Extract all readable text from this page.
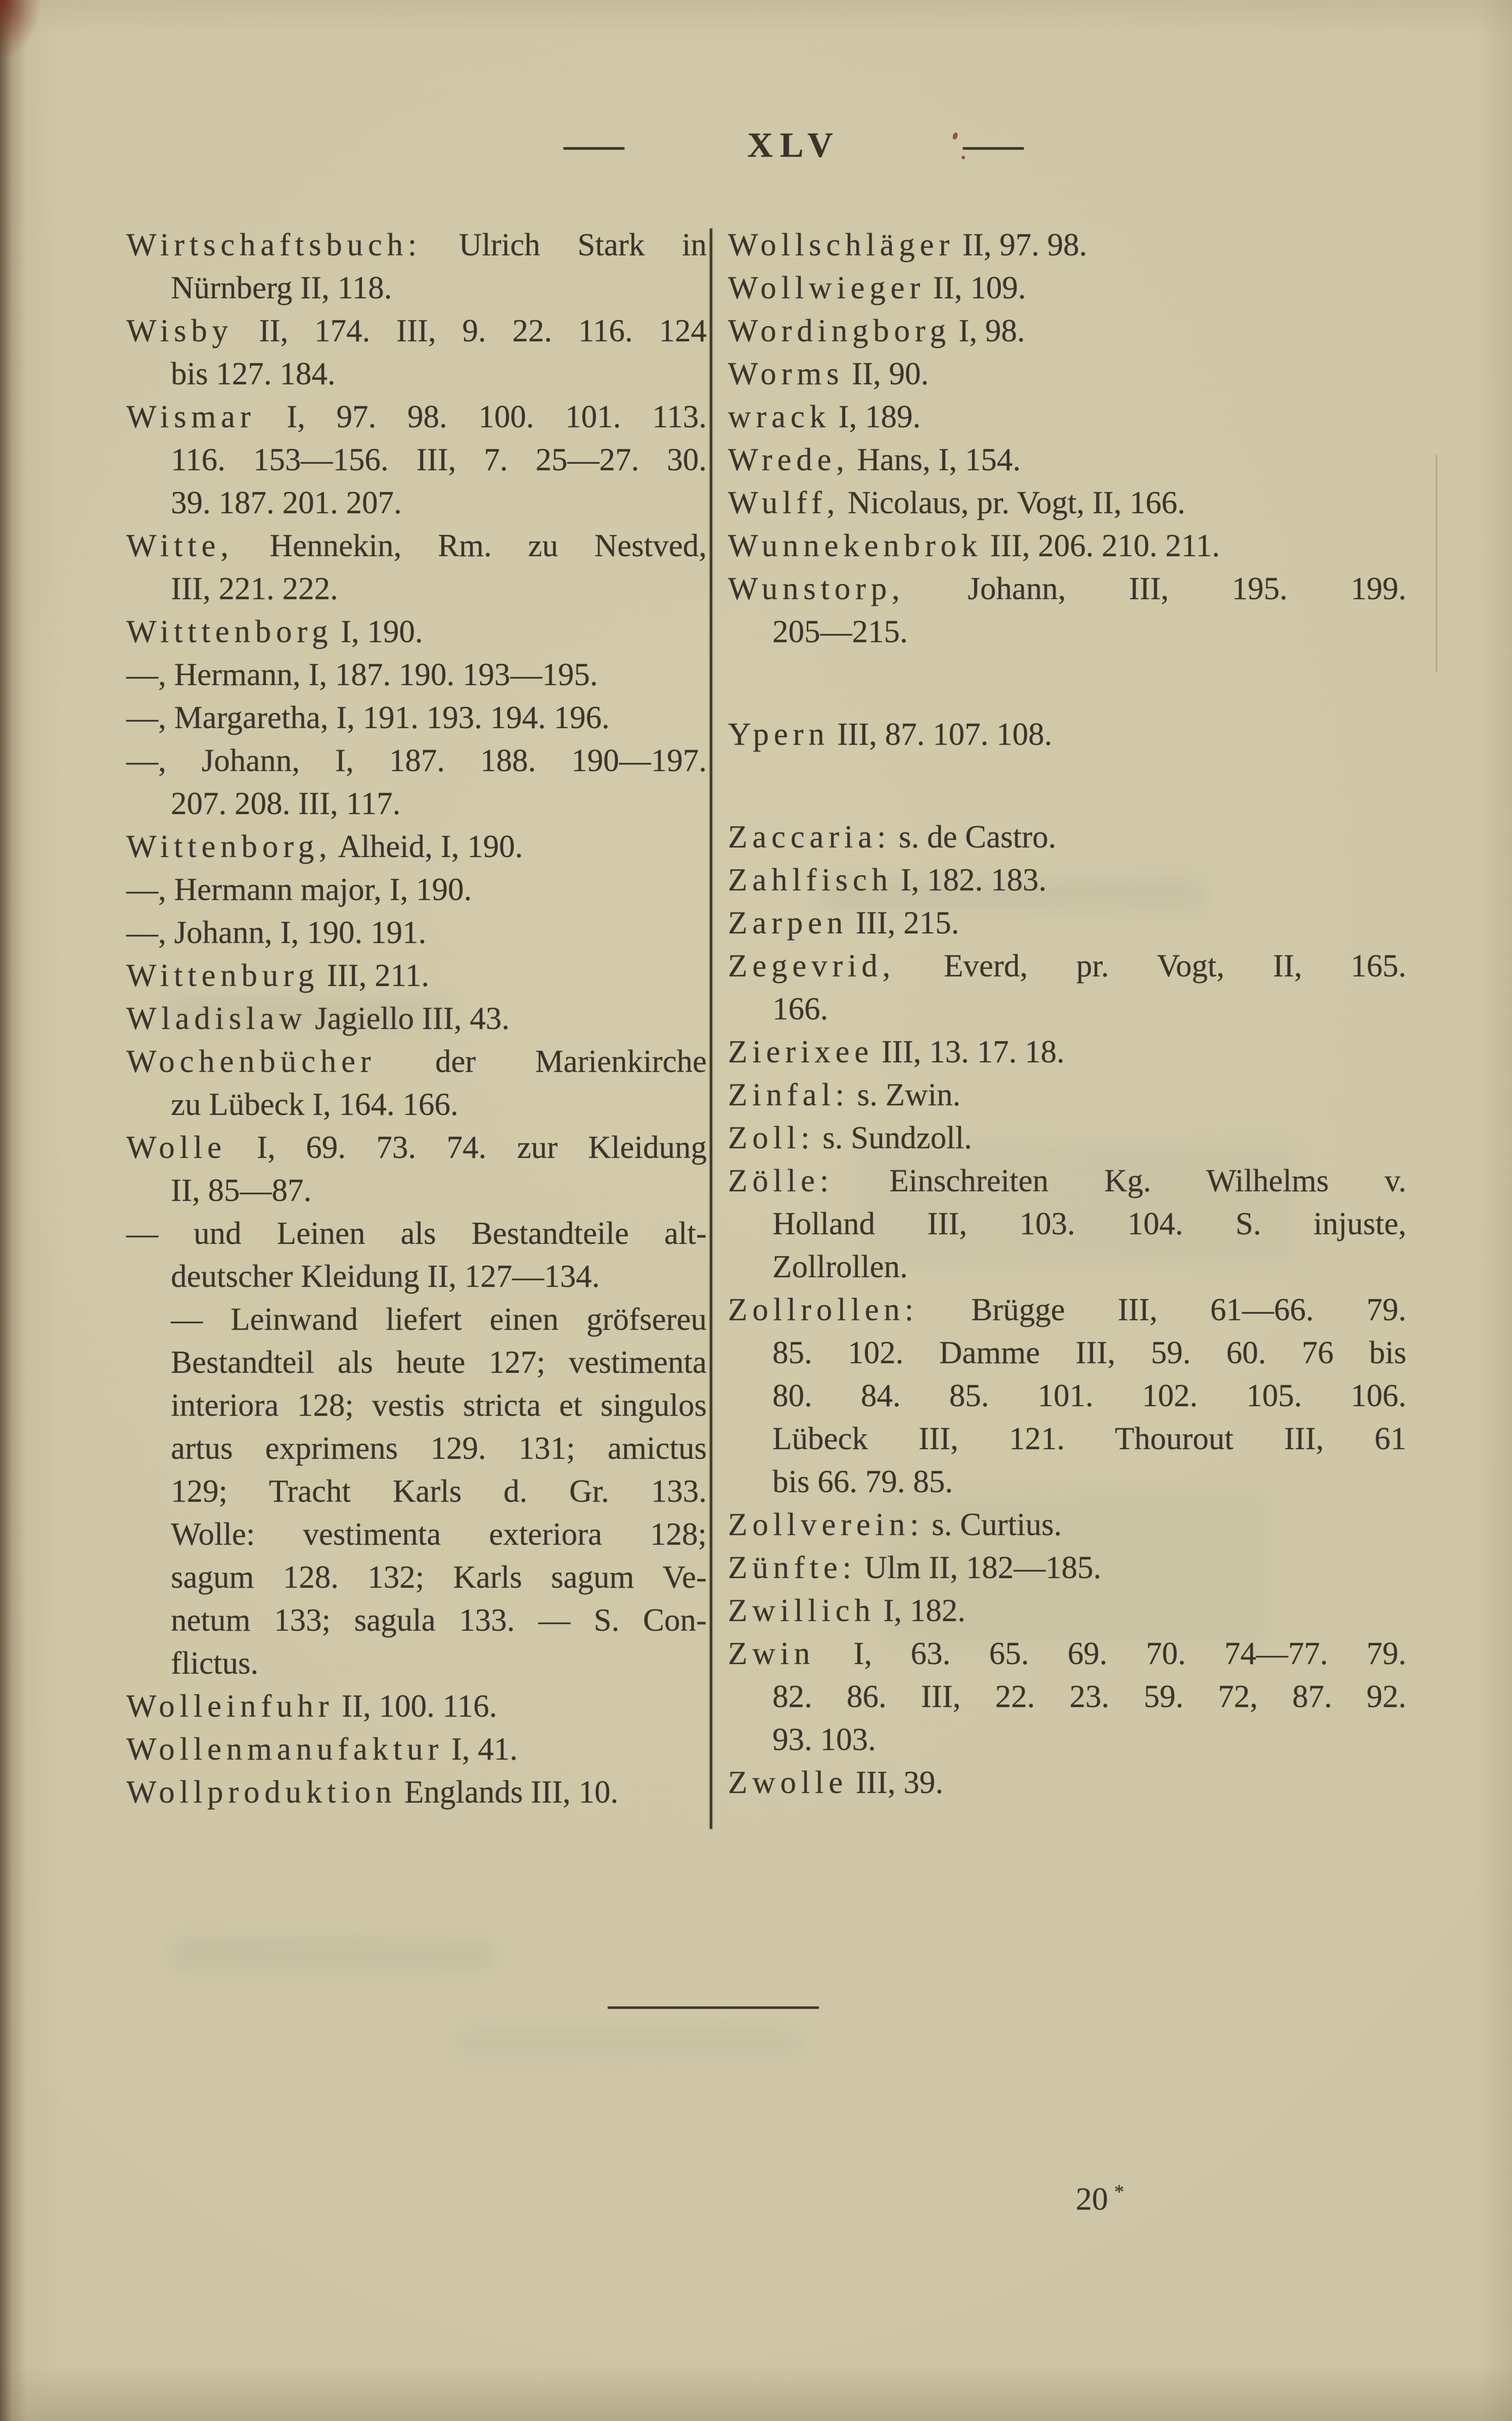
—	XLV	—

Wirtschaftsbuch: Ulrich Stark in
Nürnberg II, 118.

Wisby II, 174. III, 9. 22. 116. 124
bis 127. 184.

Wismar I, 97. 98. 100. 101. 113.
116. 153—156. III, 7. 25—27. 30.
39. 187. 201. 207.

Witte, Hennekin, Rm. zu Nestved,
III, 221. 222.

Witttenborg I, 190.

—, Hermann, I, 187. 190. 193—195.

—, Margaretha, I, 191. 193. 194. 196.

—, Johann, I, 187. 188. 190—197.
207. 208. III, 117.

Wittenborg, Alheid, I, 190.

—, Hermann major, I, 190.

—, Johann, I, 190. 191.

Wittenburg III, 211.

Wladislaw Jagiello III, 43.

Wochenbücher der Marienkirche
zu Lübeck I, 164. 166.

Wolle I, 69. 73. 74. zur Kleidung
II, 85—87.

— und Leinen als Bestandteile alt-
deutscher Kleidung II, 127—134.

— Leinwand liefert einen gröfsereu
Bestandteil als heute 127; vestimenta
interiora 128; vestis stricta et singulos
artus exprimens 129. 131; amictus
129; Tracht Karls d. Gr. 133.
Wolle: vestimenta exteriora 128;
sagum 128. 132; Karls sagum Ve-
netum 133; sagula 133. — S. Con-
flictus.

Wolleinfuhr II, 100. 116.

Wollenmanufaktur I, 41.

Wollproduktion Englands III, 10.

Wollschläger II, 97. 98.

Wollwieger II, 109.

Wordingborg I, 98.

Worms II, 90.

wrack I, 189.

Wrede, Hans, I, 154.

Wulff, Nicolaus, pr. Vogt, II, 166.

Wunnekenbrok III, 206. 210. 211.

Wunstorp, Johann, III, 195. 199.
205—215.

Ypern III, 87. 107. 108.

Zaccaria: s. de Castro.

Zahlfisch I, 182. 183.

Zarpen III, 215.

Zegevrid, Everd, pr. Vogt, II, 165.
166.

Zierixee III, 13. 17. 18.

Zinfal: s. Zwin.

Zoll: s. Sundzoll.

Zölle: Einschreiten Kg. Wilhelms v.
Holland III, 103. 104. S. injuste,
Zollrollen.

Zollrollen: Brügge III, 61—66. 79.
85. 102. Damme III, 59. 60. 76 bis
80. 84. 85. 101. 102. 105. 106.
Lübeck III, 121. Thourout III, 61
bis 66. 79. 85.

Zollverein: s. Curtius.

Zünfte: Ulm II, 182—185.

Zwillich I, 182.

Zwin I, 63. 65. 69. 70. 74—77. 79.
82. 86. III, 22. 23. 59. 72, 87. 92.
93. 103.

Zwolle III, 39.

20 *
